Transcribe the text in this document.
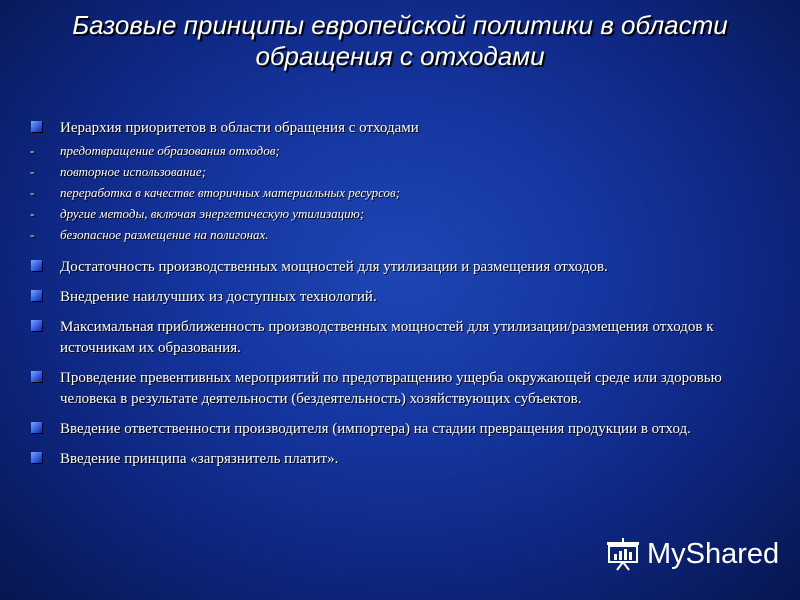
Базовые принципы европейской политики в области
обращения с отходами
Иерархия приоритетов в области обращения с отходами
- предотвращение образования отходов;
- повторное использование;
- переработка в качестве вторичных материальных ресурсов;
- другие методы, включая энергетическую утилизацию;
- безопасное размещение на полигонах.
Достаточность производственных мощностей для утилизации и размещения отходов.
Внедрение наилучших из доступных технологий.
Максимальная приближенность производственных мощностей для утилизации/размещения отходов к источникам их образования.
Проведение превентивных мероприятий по предотвращению ущерба окружающей среде или здоровью человека в результате деятельности (бездеятельность) хозяйствующих субъектов.
Введение ответственности производителя (импортера) на стадии превращения продукции в отход.
Введение принципа «загрязнитель платит».
MyShared
